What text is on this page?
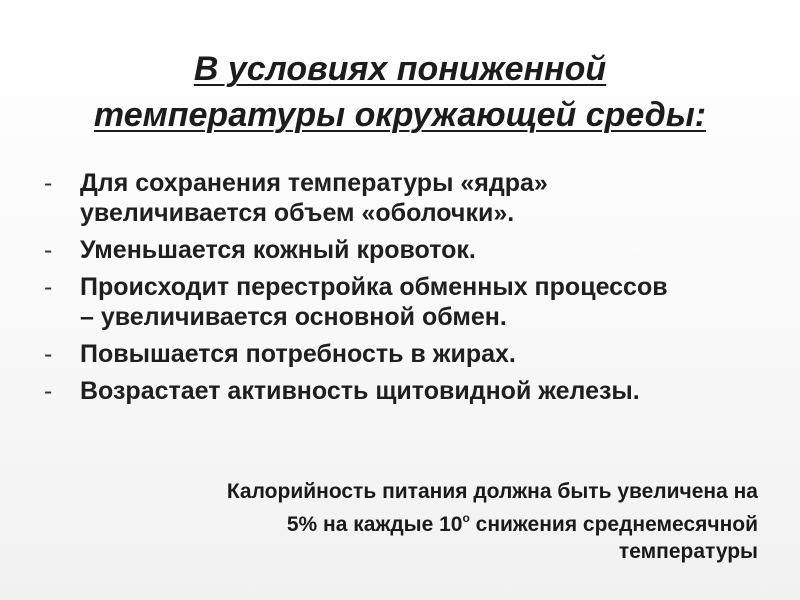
В условиях пониженной
температуры окружающей среды:
-	Для сохранения температуры «ядра» увеличивается объем «оболочки».
-	Уменьшается кожный кровоток.
-	Происходит перестройка обменных процессов – увеличивается основной обмен.
-	Повышается потребность в жирах.
-	Возрастает активность щитовидной железы.
Калорийность питания должна быть увеличена на
5% на каждые $10^о$ снижения среднемесячной
температуры
